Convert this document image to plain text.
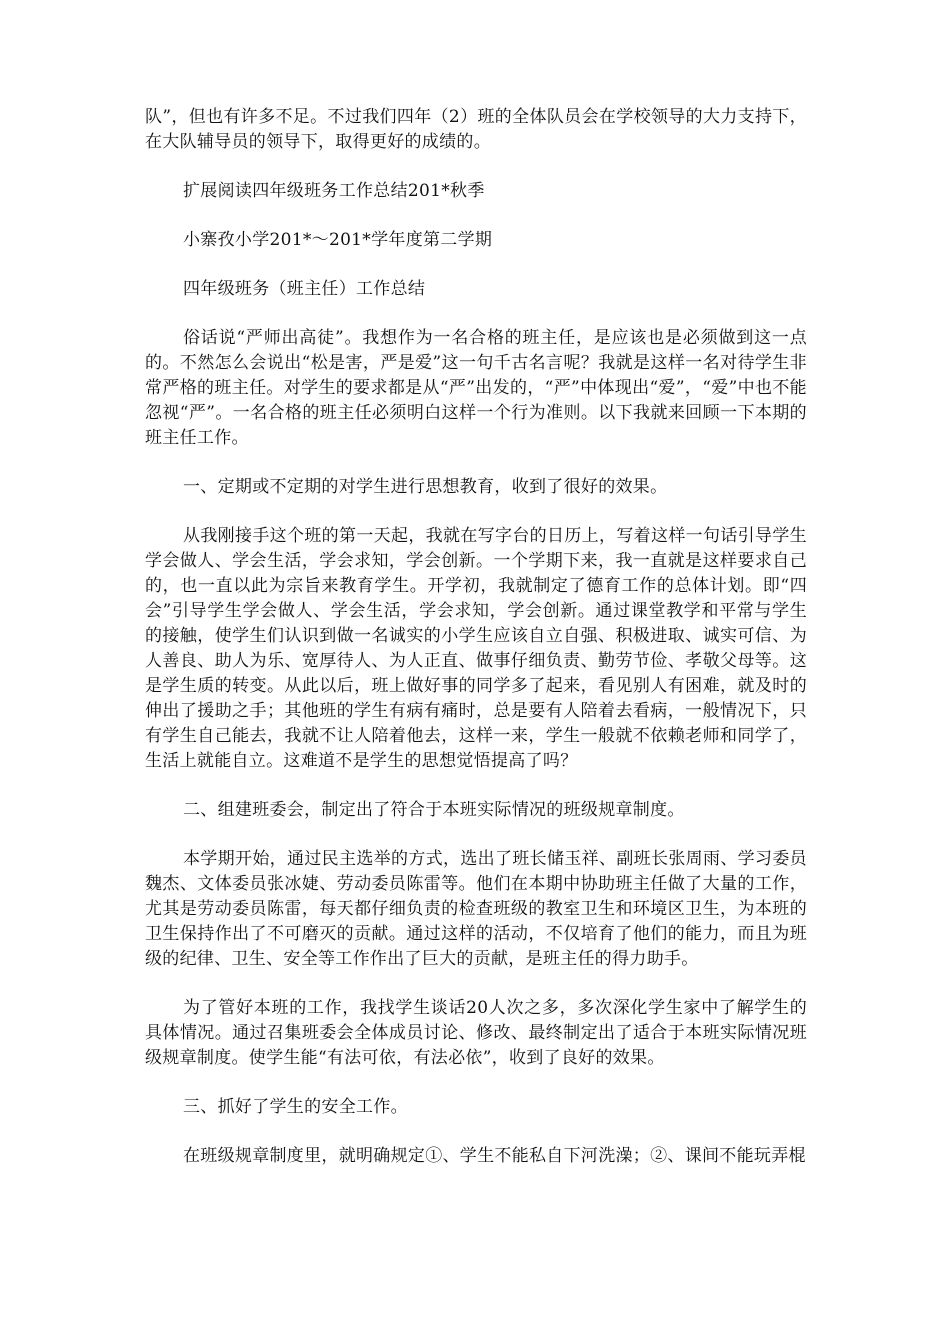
队”，但也有许多不足。不过我们四年（2）班的全体队员会在学校领导的大力支持下，在大队辅导员的领导下，取得更好的成绩的。

扩展阅读四年级班务工作总结201*秋季

小寨孜小学201*～201*学年度第二学期

四年级班务（班主任）工作总结

俗话说“严师出高徒”。我想作为一名合格的班主任，是应该也是必须做到这一点的。不然怎么会说出“松是害，严是爱”这一句千古名言呢？我就是这样一名对待学生非常严格的班主任。对学生的要求都是从“严”出发的，“严”中体现出“爱”，“爱”中也不能忽视“严”。一名合格的班主任必须明白这样一个行为准则。以下我就来回顾一下本期的班主任工作。

一、定期或不定期的对学生进行思想教育，收到了很好的效果。

从我刚接手这个班的第一天起，我就在写字台的日历上，写着这样一句话引导学生学会做人、学会生活，学会求知，学会创新。一个学期下来，我一直就是这样要求自己的，也一直以此为宗旨来教育学生。开学初，我就制定了德育工作的总体计划。即“四会”引导学生学会做人、学会生活，学会求知，学会创新。通过课堂教学和平常与学生的接触，使学生们认识到做一名诚实的小学生应该自立自强、积极进取、诚实可信、为人善良、助人为乐、宽厚待人、为人正直、做事仔细负责、勤劳节俭、孝敬父母等。这是学生质的转变。从此以后，班上做好事的同学多了起来，看见别人有困难，就及时的伸出了援助之手；其他班的学生有病有痛时，总是要有人陪着去看病，一般情况下，只有学生自己能去，我就不让人陪着他去，这样一来，学生一般就不依赖老师和同学了，生活上就能自立。这难道不是学生的思想觉悟提高了吗？

二、组建班委会，制定出了符合于本班实际情况的班级规章制度。

本学期开始，通过民主选举的方式，选出了班长储玉祥、副班长张周雨、学习委员魏杰、文体委员张冰婕、劳动委员陈雷等。他们在本期中协助班主任做了大量的工作，尤其是劳动委员陈雷，每天都仔细负责的检查班级的教室卫生和环境区卫生，为本班的卫生保持作出了不可磨灭的贡献。通过这样的活动，不仅培育了他们的能力，而且为班级的纪律、卫生、安全等工作作出了巨大的贡献，是班主任的得力助手。

为了管好本班的工作，我找学生谈话20人次之多，多次深化学生家中了解学生的具体情况。通过召集班委会全体成员讨论、修改、最终制定出了适合于本班实际情况班级规章制度。使学生能“有法可依，有法必依”，收到了良好的效果。

三、抓好了学生的安全工作。

在班级规章制度里，就明确规定①、学生不能私自下河洗澡；②、课间不能玩弄棍
